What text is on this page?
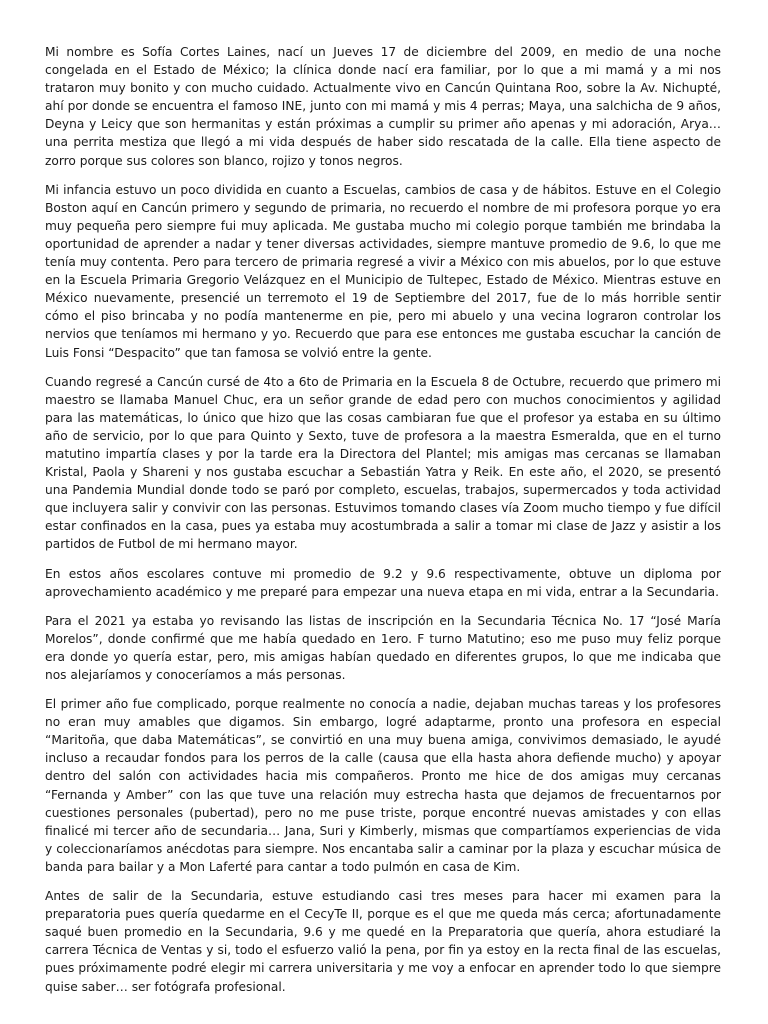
Mi nombre es Sofía Cortes Laines, nací un Jueves 17 de diciembre del 2009, en medio de una noche congelada en el Estado de México; la clínica donde nací era familiar, por lo que a mi mamá y a mi nos trataron muy bonito y con mucho cuidado. Actualmente vivo en Cancún Quintana Roo, sobre la Av. Nichupté, ahí por donde se encuentra el famoso INE, junto con mi mamá y mis 4 perras; Maya, una salchicha de 9 años, Deyna y Leicy que son hermanitas y están próximas a cumplir su primer año apenas y mi adoración, Arya… una perrita mestiza que llegó a mi vida después de haber sido rescatada de la calle. Ella tiene aspecto de zorro porque sus colores son blanco, rojizo y tonos negros.

Mi infancia estuvo un poco dividida en cuanto a Escuelas, cambios de casa y de hábitos. Estuve en el Colegio Boston aquí en Cancún primero y segundo de primaria, no recuerdo el nombre de mi profesora porque yo era muy pequeña pero siempre fui muy aplicada. Me gustaba mucho mi colegio porque también me brindaba la oportunidad de aprender a nadar y tener diversas actividades, siempre mantuve promedio de 9.6, lo que me tenía muy contenta. Pero para tercero de primaria regresé a vivir a México con mis abuelos, por lo que estuve en la Escuela Primaria Gregorio Velázquez en el Municipio de Tultepec, Estado de México. Mientras estuve en México nuevamente, presencié un terremoto el 19 de Septiembre del 2017, fue de lo más horrible sentir cómo el piso brincaba y no podía mantenerme en pie, pero mi abuelo y una vecina lograron controlar los nervios que teníamos mi hermano y yo. Recuerdo que para ese entonces me gustaba escuchar la canción de Luis Fonsi “Despacito” que tan famosa se volvió entre la gente.

Cuando regresé a Cancún cursé de 4to a 6to de Primaria en la Escuela 8 de Octubre, recuerdo que primero mi maestro se llamaba Manuel Chuc, era un señor grande de edad pero con muchos conocimientos y agilidad para las matemáticas, lo único que hizo que las cosas cambiaran fue que el profesor ya estaba en su último año de servicio, por lo que para Quinto y Sexto, tuve de profesora a la maestra Esmeralda, que en el turno matutino impartía clases y por la tarde era la Directora del Plantel; mis amigas mas cercanas se llamaban Kristal, Paola y Shareni y nos gustaba escuchar a Sebastián Yatra y Reik. En este año, el 2020, se presentó una Pandemia Mundial donde todo se paró por completo, escuelas, trabajos, supermercados y toda actividad que incluyera salir y convivir con las personas. Estuvimos tomando clases vía Zoom mucho tiempo y fue difícil estar confinados en la casa, pues ya estaba muy acostumbrada a salir a tomar mi clase de Jazz y asistir a los partidos de Futbol de mi hermano mayor.

En estos años escolares contuve mi promedio de 9.2 y 9.6 respectivamente, obtuve un diploma por aprovechamiento académico y me preparé para empezar una nueva etapa en mi vida, entrar a la Secundaria.

Para el 2021 ya estaba yo revisando las listas de inscripción en la Secundaria Técnica No. 17 “José María Morelos”, donde confirmé que me había quedado en 1ero. F turno Matutino; eso me puso muy feliz porque era donde yo quería estar, pero, mis amigas habían quedado en diferentes grupos, lo que me indicaba que nos alejaríamos y conoceríamos a más personas.

El primer año fue complicado, porque realmente no conocía a nadie, dejaban muchas tareas y los profesores no eran muy amables que digamos. Sin embargo, logré adaptarme, pronto una profesora en especial “Maritoña, que daba Matemáticas”, se convirtió en una muy buena amiga, convivimos demasiado, le ayudé incluso a recaudar fondos para los perros de la calle (causa que ella hasta ahora defiende mucho) y apoyar dentro del salón con actividades hacia mis compañeros. Pronto me hice de dos amigas muy cercanas “Fernanda y Amber” con las que tuve una relación muy estrecha hasta que dejamos de frecuentarnos por cuestiones personales (pubertad), pero no me puse triste, porque encontré nuevas amistades y con ellas finalicé mi tercer año de secundaria… Jana, Suri y Kimberly, mismas que compartíamos experiencias de vida y coleccionaríamos anécdotas para siempre. Nos encantaba salir a caminar por la plaza y escuchar música de banda para bailar y a Mon Laferté para cantar a todo pulmón en casa de Kim.

Antes de salir de la Secundaria, estuve estudiando casi tres meses para hacer mi examen para la preparatoria pues quería quedarme en el CecyTe II, porque es el que me queda más cerca; afortunadamente saqué buen promedio en la Secundaria, 9.6 y me quedé en la Preparatoria que quería, ahora estudiaré la carrera Técnica de Ventas y si, todo el esfuerzo valió la pena, por fin ya estoy en la recta final de las escuelas, pues próximamente podré elegir mi carrera universitaria y me voy a enfocar en aprender todo lo que siempre quise saber… ser fotógrafa profesional.
